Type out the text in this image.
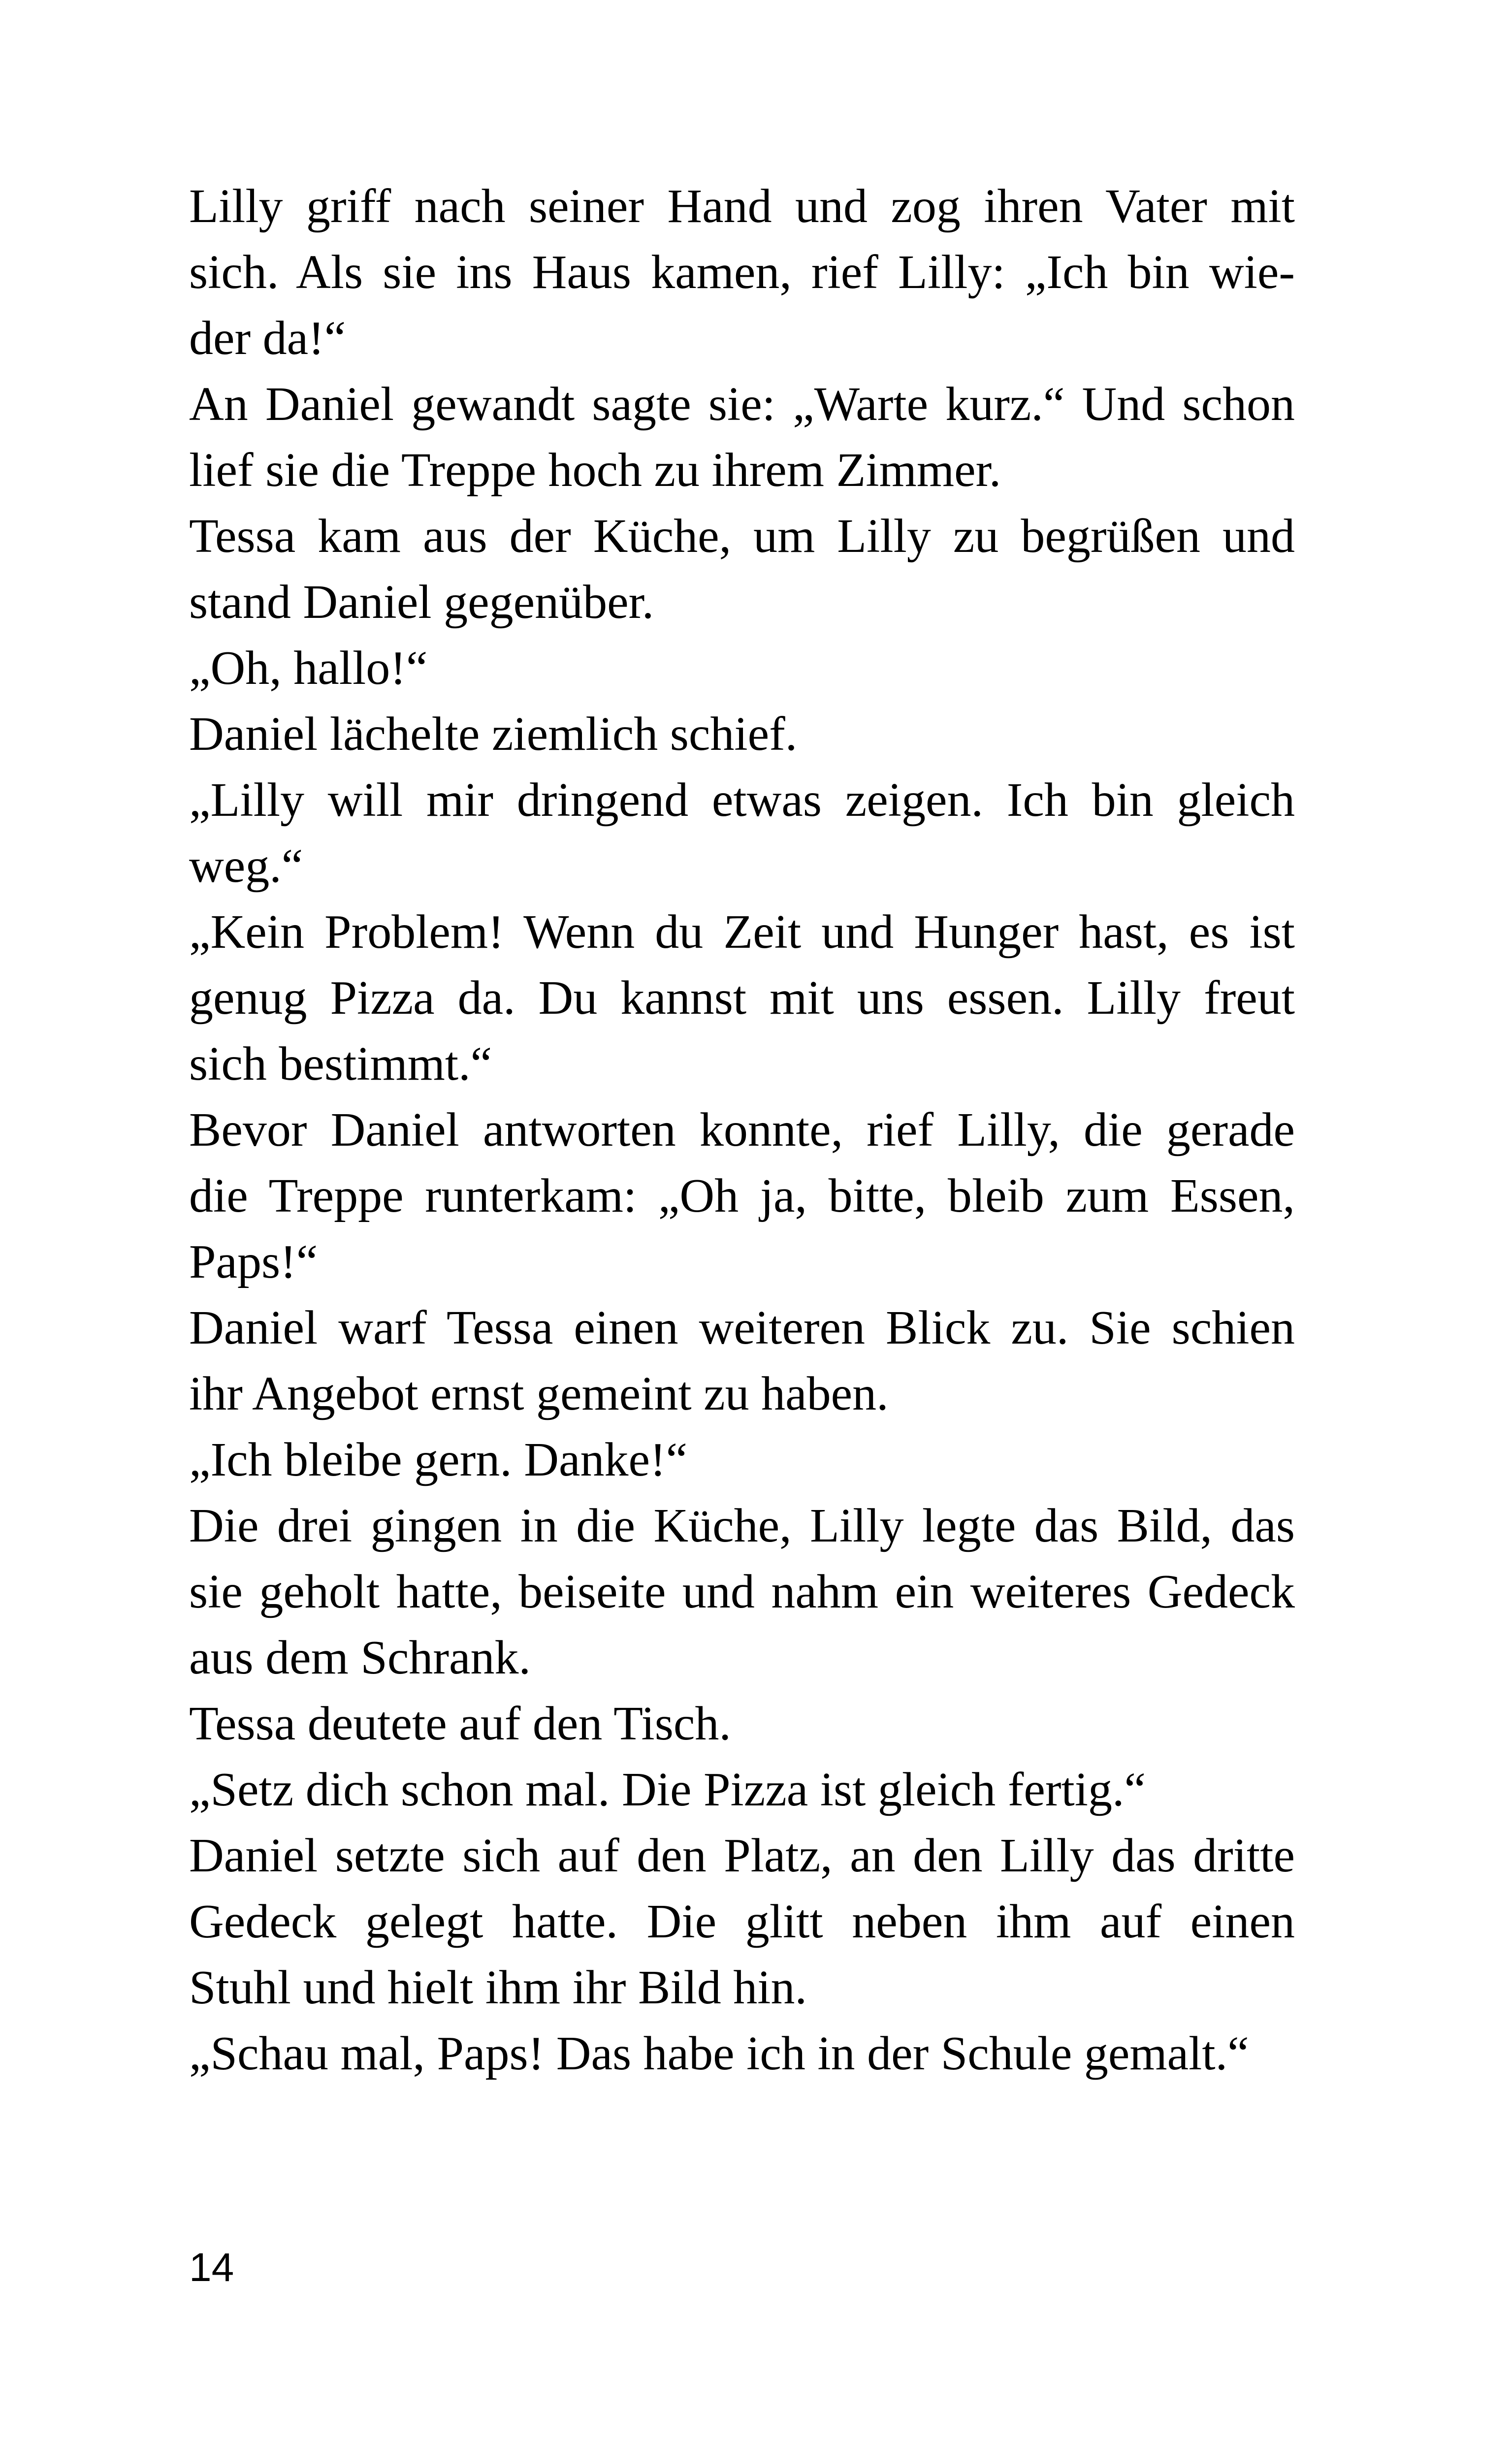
Lilly griff nach seiner Hand und zog ihren Vater mit
sich. Als sie ins Haus kamen, rief Lilly: „Ich bin wie-
der da!“
An Daniel gewandt sagte sie: „Warte kurz.“ Und schon
lief sie die Treppe hoch zu ihrem Zimmer.
Tessa kam aus der Küche, um Lilly zu begrüßen und
stand Daniel gegenüber.
„Oh, hallo!“
Daniel lächelte ziemlich schief.
„Lilly will mir dringend etwas zeigen. Ich bin gleich
weg.“
„Kein Problem! Wenn du Zeit und Hunger hast, es ist
genug Pizza da. Du kannst mit uns essen. Lilly freut
sich bestimmt.“
Bevor Daniel antworten konnte, rief Lilly, die gerade
die Treppe runterkam: „Oh ja, bitte, bleib zum Essen,
Paps!“
Daniel warf Tessa einen weiteren Blick zu. Sie schien
ihr Angebot ernst gemeint zu haben.
„Ich bleibe gern. Danke!“
Die drei gingen in die Küche, Lilly legte das Bild, das
sie geholt hatte, beiseite und nahm ein weiteres Gedeck
aus dem Schrank.
Tessa deutete auf den Tisch.
„Setz dich schon mal. Die Pizza ist gleich fertig.“
Daniel setzte sich auf den Platz, an den Lilly das dritte
Gedeck gelegt hatte. Die glitt neben ihm auf einen
Stuhl und hielt ihm ihr Bild hin.
„Schau mal, Paps! Das habe ich in der Schule gemalt.“
14
